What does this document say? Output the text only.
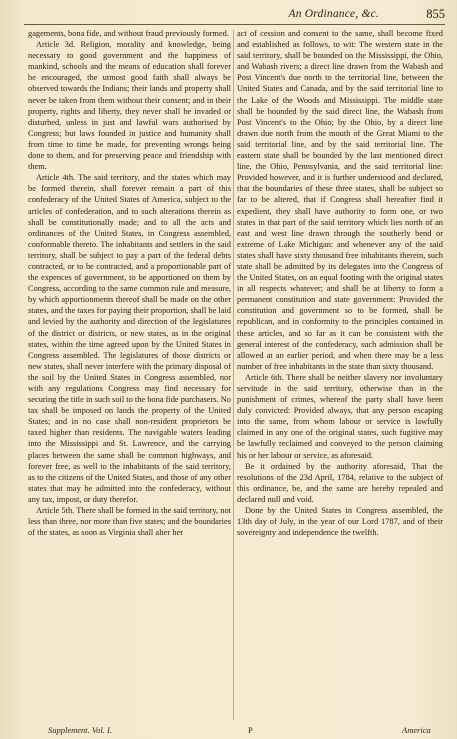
An Ordinance, &c.	855

gagements, bona fide, and without fraud previously formed.

Article 3d. Religion, morality and knowledge, being necessary to good government and the happiness of mankind, schools and the means of education shall forever be encouraged, the utmost good faith shall always be observed towards the Indians; their lands and property shall never be taken from them without their consent; and in their property, rights and liberty, they never shall be invaded or disturbed, unless in just and lawful wars authorised by Congress; but laws founded in justice and humanity shall from time to time be made, for preventing wrongs being done to them, and for preserving peace and friendship with them.

Article 4th. The said territory, and the states which may be formed therein, shall forever remain a part of this confederacy of the United States of America, subject to the articles of confederation, and to such alterations therein as shall be constitutionally made; and to all the acts and ordinances of the United States, in Congress assembled, conformable thereto. The inhabitants and settlers in the said territory, shall be subject to pay a part of the federal debts contracted, or to be contracted, and a proportionable part of the expences of government, to be apportioned on them by Congress, according to the same common rule and measure, by which apportionments thereof shall be made on the other states, and the taxes for paying their proportion, shall be laid and levied by the authority and direction of the legislatures of the district or districts, or new states, as in the original states, within the time agreed upon by the United States in Congress assembled. The legislatures of those districts or new states, shall never interfere with the primary disposal of the soil by the United States in Congress assembled, nor with any regulations Congress may find necessary for securing the title in such soil to the bona fide purchasers. No tax shall be imposed on lands the property of the United States; and in no case shall non-resident proprietors be taxed higher than residents. The navigable waters leading into the Mississippi and St. Lawrence, and the carrying places between the same shall be common highways, and forever free, as well to the inhabitants of the said territory, as to the citizens of the United States, and those of any other states that may be admitted into the confederacy, without any tax, impost, or duty therefor.

Article 5th. There shall be formed in the said territory, not less than three, nor more than five states; and the boundaries of the states, as soon as Virginia shall alter her

act of cession and consent to the same, shall become fixed and established as follows, to wit: The western state in the said territory, shall be bounded on the Mississippi, the Ohio, and Wabash rivers; a direct line drawn from the Wabash and Post Vincent's due north to the territorial line, between the United States and Canada, and by the said territorial line to the Lake of the Woods and Mississippi. The middle state shall be bounded by the said direct line, the Wabash from Post Vincent's to the Ohio; by the Ohio, by a direct line drawn due north from the mouth of the Great Miami to the said territorial line, and by the said territorial line. The eastern state shall be bounded by the last mentioned direct line, the Ohio, Pennsylvania, and the said territorial line: Provided however, and it is further understood and declared, that the boundaries of these three states, shall be subject so far to be altered, that if Congress shall hereafter find it expedient, they shall have authority to form one, or two states in that part of the said territory which lies north of an east and west line drawn through the southerly bend or extreme of Lake Michigan: and whenever any of the said states shall have sixty thousand free inhabitants therein, such state shall be admitted by its delegates into the Congress of the United States, on an equal footing with the original states in all respects whatever; and shall be at liberty to form a permanent constitution and state government: Provided the constitution and government so to be formed, shall be republican, and in conformity to the principles contained in these articles, and so far as it can be consistent with the general interest of the confederacy, such admission shall be allowed at an earlier period, and when there may be a less number of free inhabitants in the state than sixty thousand.

Article 6th. There shall be neither slavery nor involuntary servitude in the said territory, otherwise than in the punishment of crimes, whereof the party shall have been duly convicted: Provided always, that any person escaping into the same, from whom labour or service is lawfully claimed in any one of the original states, such fugitive may be lawfully reclaimed and conveyed to the person claiming his or her labour or service, as aforesaid.

Be it ordained by the authority aforesaid, That the resolutions of the 23d April, 1784, relative to the subject of this ordinance, be, and the same are hereby repealed and declared null and void.

Done by the United States in Congress assembled, the 13th day of July, in the year of our Lord 1787, and of their sovereignty and independence the twelfth.

Supplement. Vol. I.	P	America
